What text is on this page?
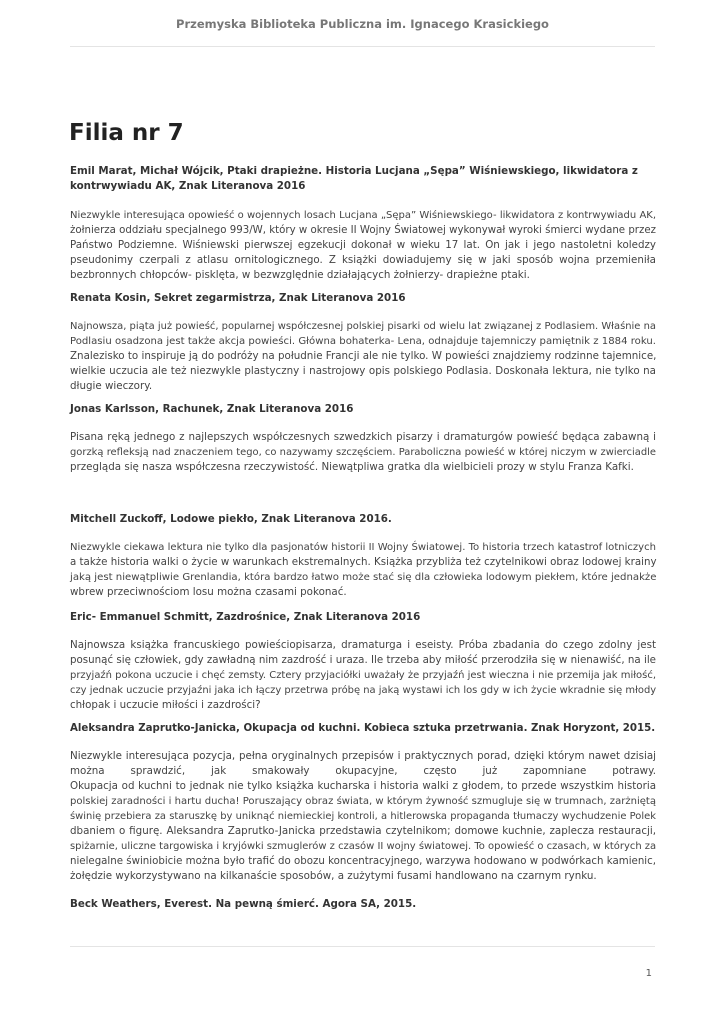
Przemyska Biblioteka Publiczna im. Ignacego Krasickiego
Filia nr 7
Emil Marat, Michał Wójcik, Ptaki drapieżne. Historia Lucjana „Sępa” Wiśniewskiego, likwidatora z
kontrwywiadu AK, Znak Literanova 2016
Niezwykle interesująca opowieść o wojennych losach Lucjana „Sępa” Wiśniewskiego- likwidatora z kontrwywiadu AK,
żołnierza oddziału specjalnego 993/W, który w okresie II Wojny Światowej wykonywał wyroki śmierci wydane przez
Państwo Podziemne. Wiśniewski pierwszej egzekucji dokonał w wieku 17 lat. On jak i jego nastoletni koledzy
pseudonimy czerpali z atlasu ornitologicznego. Z książki dowiadujemy się w jaki sposób wojna przemieniła
bezbronnych chłopców- pisklęta, w bezwzględnie działających żołnierzy- drapieżne ptaki.
Renata Kosin, Sekret zegarmistrza, Znak Literanova 2016
Najnowsza, piąta już powieść, popularnej współczesnej polskiej pisarki od wielu lat związanej z Podlasiem. Właśnie na
Podlasiu osadzona jest także akcja powieści. Główna bohaterka- Lena, odnajduje tajemniczy pamiętnik z 1884 roku.
Znalezisko to inspiruje ją do podróży na południe Francji ale nie tylko. W powieści znajdziemy rodzinne tajemnice,
wielkie uczucia ale też niezwykle plastyczny i nastrojowy opis polskiego Podlasia. Doskonała lektura, nie tylko na
długie wieczory.
Jonas Karlsson, Rachunek, Znak Literanova 2016
Pisana ręką jednego z najlepszych współczesnych szwedzkich pisarzy i dramaturgów powieść będąca zabawną i
gorzką refleksją nad znaczeniem tego, co nazywamy szczęściem. Paraboliczna powieść w której niczym w zwierciadle
przegląda się nasza współczesna rzeczywistość. Niewątpliwa gratka dla wielbicieli prozy w stylu Franza Kafki.
Mitchell Zuckoff, Lodowe piekło, Znak Literanova 2016.
Niezwykle ciekawa lektura nie tylko dla pasjonatów historii II Wojny Światowej. To historia trzech katastrof lotniczych
a także historia walki o życie w warunkach ekstremalnych. Książka przybliża też czytelnikowi obraz lodowej krainy
jaką jest niewątpliwie Grenlandia, która bardzo łatwo może stać się dla człowieka lodowym piekłem, które jednakże
wbrew przeciwnościom losu można czasami pokonać.
Eric- Emmanuel Schmitt, Zazdrośnice, Znak Literanova 2016
Najnowsza książka francuskiego powieściopisarza, dramaturga i eseisty. Próba zbadania do czego zdolny jest
posunąć się człowiek, gdy zawładną nim zazdrość i uraza. Ile trzeba aby miłość przerodziła się w nienawiść, na ile
przyjaźń pokona uczucie i chęć zemsty. Cztery przyjaciółki uważały że przyjaźń jest wieczna i nie przemija jak miłość,
czy jednak uczucie przyjaźni jaka ich łączy przetrwa próbę na jaką wystawi ich los gdy w ich życie wkradnie się młody
chłopak i uczucie miłości i zazdrości?
Aleksandra Zaprutko-Janicka, Okupacja od kuchni. Kobieca sztuka przetrwania. Znak Horyzont, 2015.
Niezwykle interesująca pozycja, pełna oryginalnych przepisów i praktycznych porad, dzięki którym nawet dzisiaj
można sprawdzić, jak smakowały okupacyjne, często już zapomniane potrawy.
Okupacja od kuchni to jednak nie tylko książka kucharska i historia walki z głodem, to przede wszystkim historia
polskiej zaradności i hartu ducha! Poruszający obraz świata, w którym żywność szmugluje się w trumnach, zarżniętą
świnię przebiera za staruszkę by uniknąć niemieckiej kontroli, a hitlerowska propaganda tłumaczy wychudzenie Polek
dbaniem o figurę. Aleksandra Zaprutko-Janicka przedstawia czytelnikom; domowe kuchnie, zaplecza restauracji,
spiżarnie, uliczne targowiska i kryjówki szmuglerów z czasów II wojny światowej. To opowieść o czasach, w których za
nielegalne świniobicie można było trafić do obozu koncentracyjnego, warzywa hodowano w podwórkach kamienic,
żołędzie wykorzystywano na kilkanaście sposobów, a zużytymi fusami handlowano na czarnym rynku.
Beck Weathers, Everest. Na pewną śmierć. Agora SA, 2015.
1
